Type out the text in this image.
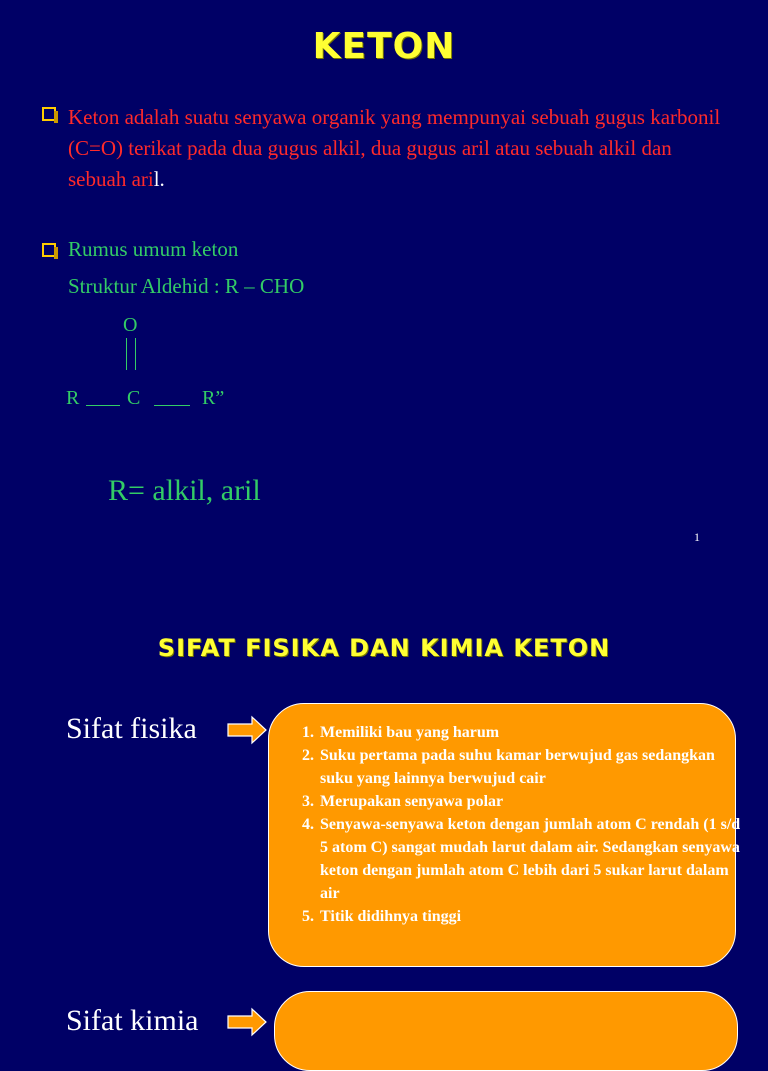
KETON
Keton adalah suatu senyawa organik yang mempunyai sebuah gugus karbonil (C=O) terikat pada dua gugus alkil, dua gugus aril atau sebuah alkil dan sebuah aril.
Rumus umum keton
Struktur Aldehid : R – CHO
O
R C	R”
R= alkil, aril
1
SIFAT FISIKA DAN KIMIA KETON
Sifat fisika
1.	Memiliki bau yang harum
2. Suku pertama pada suhu kamar berwujud gas sedangkan suku yang lainnya berwujud cair
3. Merupakan senyawa polar
4. Senyawa-senyawa keton dengan jumlah atom C rendah (1 s/d 5 atom C) sangat mudah larut dalam air. Sedangkan senyawa keton dengan jumlah atom C lebih dari 5 sukar larut dalam air
5. Titik didihnya tinggi
Sifat kimia
